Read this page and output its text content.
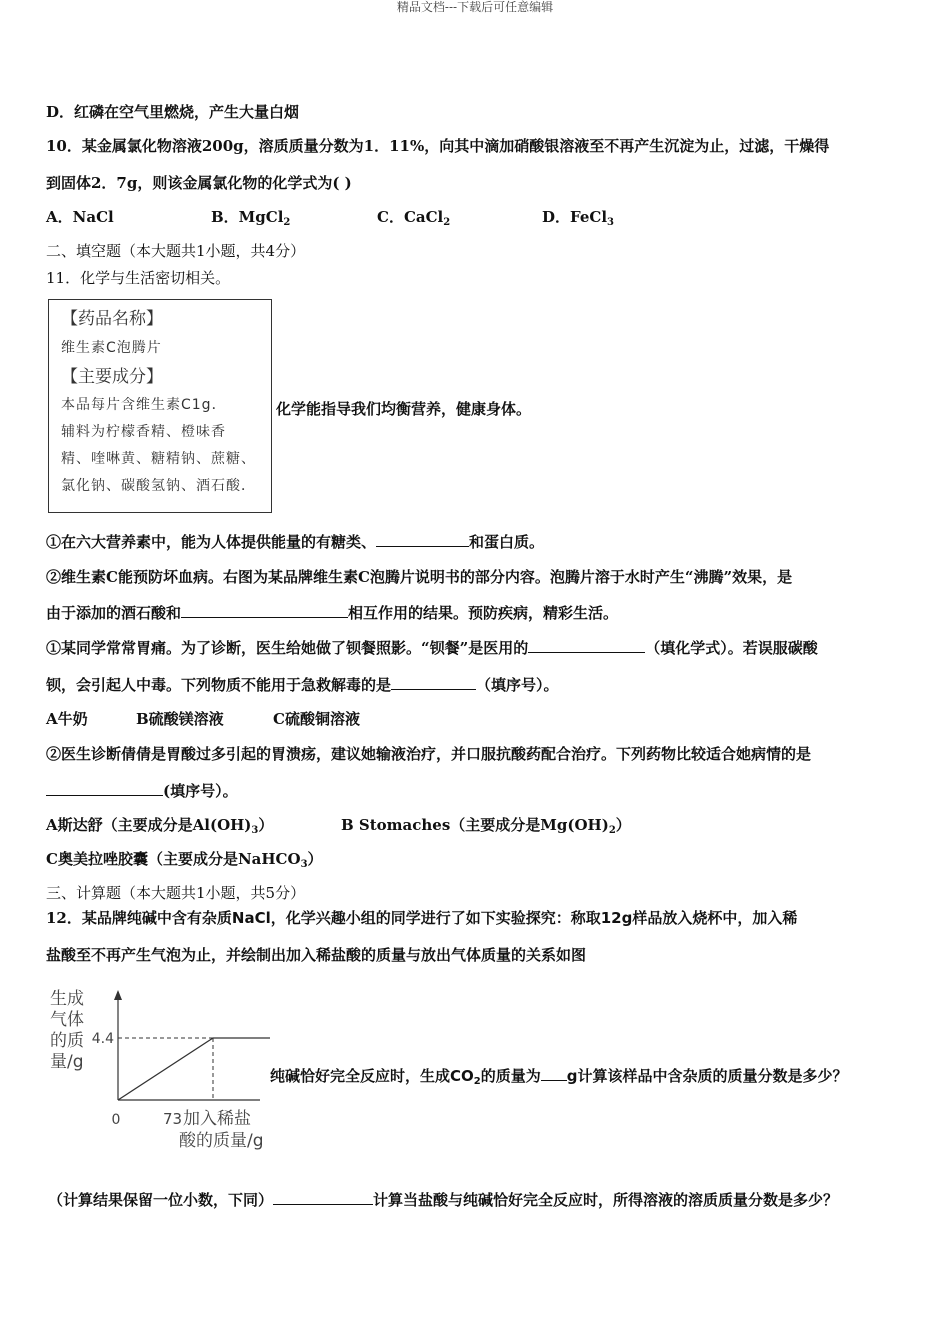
精品文档---下载后可任意编辑
D．红磷在空气里燃烧，产生大量白烟
10．某金属氯化物溶液200g，溶质质量分数为1．11%，向其中滴加硝酸银溶液至不再产生沉淀为止，过滤，干燥得
到固体2．7g，则该金属氯化物的化学式为( )
A．NaCl	B．MgCl$_2$	C．CaCl$_2$	D．FeCl$_3$
二、填空题（本大题共1小题，共4分）
11．化学与生活密切相关。
【药品名称】
维生素C泡腾片
【主要成分】
本品每片含维生素C1g．
辅料为柠檬香精、橙味香
精、喹啉黄、糖精钠、蔗糖、
氯化钠、碳酸氢钠、酒石酸．
化学能指导我们均衡营养，健康身体。
①在六大营养素中，能为人体提供能量的有糖类、	和蛋白质。
②维生素C能预防坏血病。右图为某品牌维生素C泡腾片说明书的部分内容。泡腾片溶于水时产生“沸腾”效果，是
由于添加的酒石酸和	相互作用的结果。预防疾病，精彩生活。
①某同学常常胃痛。为了诊断，医生给她做了钡餐照影。“钡餐”是医用的	（填化学式）。若误服碳酸
钡，会引起人中毒。下列物质不能用于急救解毒的是	（填序号）。
A牛奶	B硫酸镁溶液	C硫酸铜溶液
②医生诊断倩倩是胃酸过多引起的胃溃疡，建议她输液治疗，并口服抗酸药配合治疗。下列药物比较适合她病情的是
(填序号）。
A斯达舒（主要成分是$Al(OH)_3$）	B Stomaches（主要成分是$Mg(OH)_2$）
C奥美拉唑胶囊（主要成分是NaHCO$_3$）
三、计算题（本大题共1小题，共5分）
12．某品牌纯碱中含有杂质NaCl，化学兴趣小组的同学进行了如下实验探究：称取12g样品放入烧杯中，加入稀
盐酸至不再产生气泡为止，并绘制出加入稀盐酸的质量与放出气体质量的关系如图
生成
气体
的质
量/g
4.4
0	73 加入稀盐
酸的质量/g
纯碱恰好完全反应时，生成$CO_2$的质量为 g计算该样品中含杂质的质量分数是多少？
（计算结果保留一位小数，下同）	计算当盐酸与纯碱恰好完全反应时，所得溶液的溶质质量分数是多少？
